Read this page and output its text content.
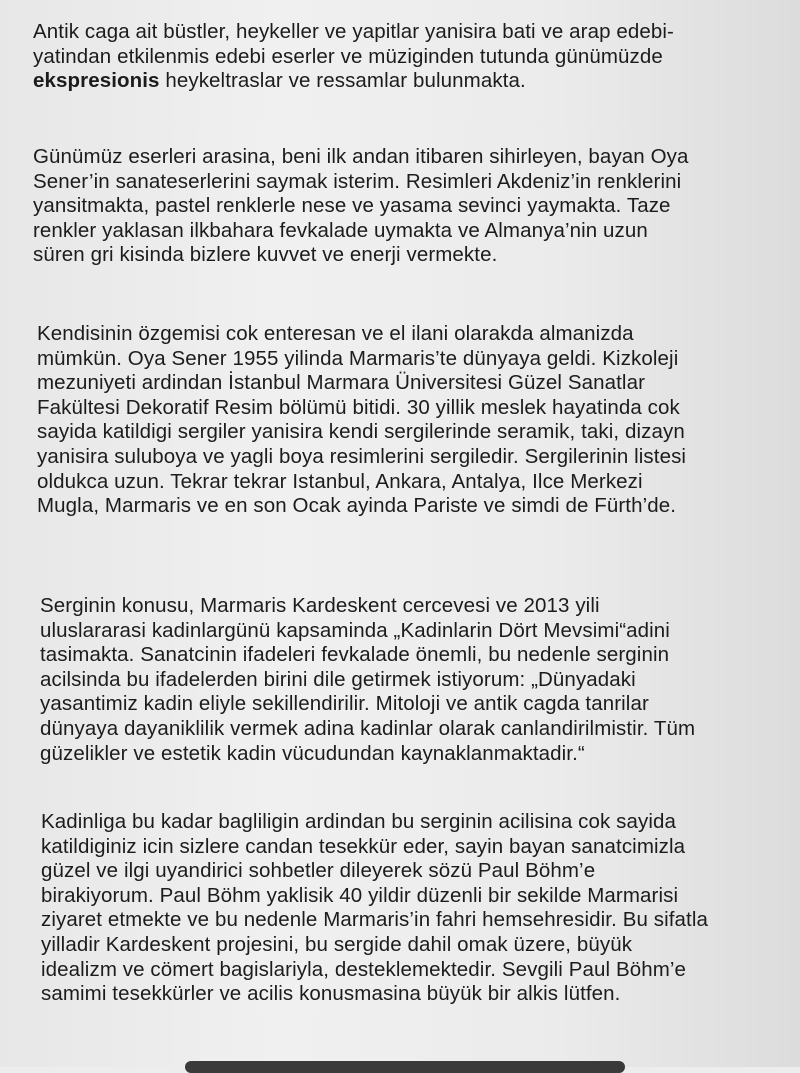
Antik caga ait büstler, heykeller ve yapitlar yanisira bati ve arap edebi-
yatindan etkilenmis edebi eserler ve müziginden tutunda günümüzde
ekspresionis heykeltraslar ve ressamlar bulunmakta.
Günümüz eserleri arasina, beni ilk andan itibaren sihirleyen, bayan Oya
Sener’in sanateserlerini saymak isterim. Resimleri Akdeniz’in renklerini
yansitmakta, pastel renklerle nese ve yasama sevinci yaymakta. Taze
renkler yaklasan ilkbahara fevkalade uymakta ve Almanya’nin uzun
süren gri kisinda bizlere kuvvet ve enerji vermekte.
Kendisinin özgemisi cok enteresan ve el ilani olarakda almanizda
mümkün. Oya Sener 1955 yilinda Marmaris’te dünyaya geldi. Kizkoleji
mezuniyeti ardindan İstanbul Marmara Üniversitesi Güzel Sanatlar
Fakültesi Dekoratif Resim bölümü bitidi. 30 yillik meslek hayatinda cok
sayida katildigi sergiler yanisira kendi sergilerinde seramik, taki, dizayn
yanisira suluboya ve yagli boya resimlerini sergiledir. Sergilerinin listesi
oldukca uzun. Tekrar tekrar Istanbul, Ankara, Antalya, Ilce Merkezi
Mugla, Marmaris ve en son Ocak ayinda Pariste ve simdi de Fürth’de.
Serginin konusu, Marmaris Kardeskent cercevesi ve 2013 yili
uluslararasi kadinlargünü kapsaminda „Kadinlarin Dört Mevsimi“adini
tasimakta. Sanatcinin ifadeleri fevkalade önemli, bu nedenle serginin
acilsinda bu ifadelerden birini dile getirmek istiyorum: „Dünyadaki
yasantimiz kadin eliyle sekillendirilir. Mitoloji ve antik cagda tanrilar
dünyaya dayaniklilik vermek adina kadinlar olarak canlandirilmistir. Tüm
güzelikler ve estetik kadin vücudundan kaynaklanmaktadir.“
Kadinliga bu kadar bagliligin ardindan bu serginin acilisina cok sayida
katildiginiz icin sizlere candan tesekkür eder, sayin bayan sanatcimizla
güzel ve ilgi uyandirici sohbetler dileyerek sözü Paul Böhm’e
birakiyorum. Paul Böhm yaklisik 40 yildir düzenli bir sekilde Marmarisi
ziyaret etmekte ve bu nedenle Marmaris’in fahri hemsehresidir. Bu sifatla
yilladir Kardeskent projesini, bu sergide dahil omak üzere, büyük
idealizm ve cömert bagislariyla, desteklemektedir. Sevgili Paul Böhm’e
samimi tesekkürler ve acilis konusmasina büyük bir alkis lütfen.
